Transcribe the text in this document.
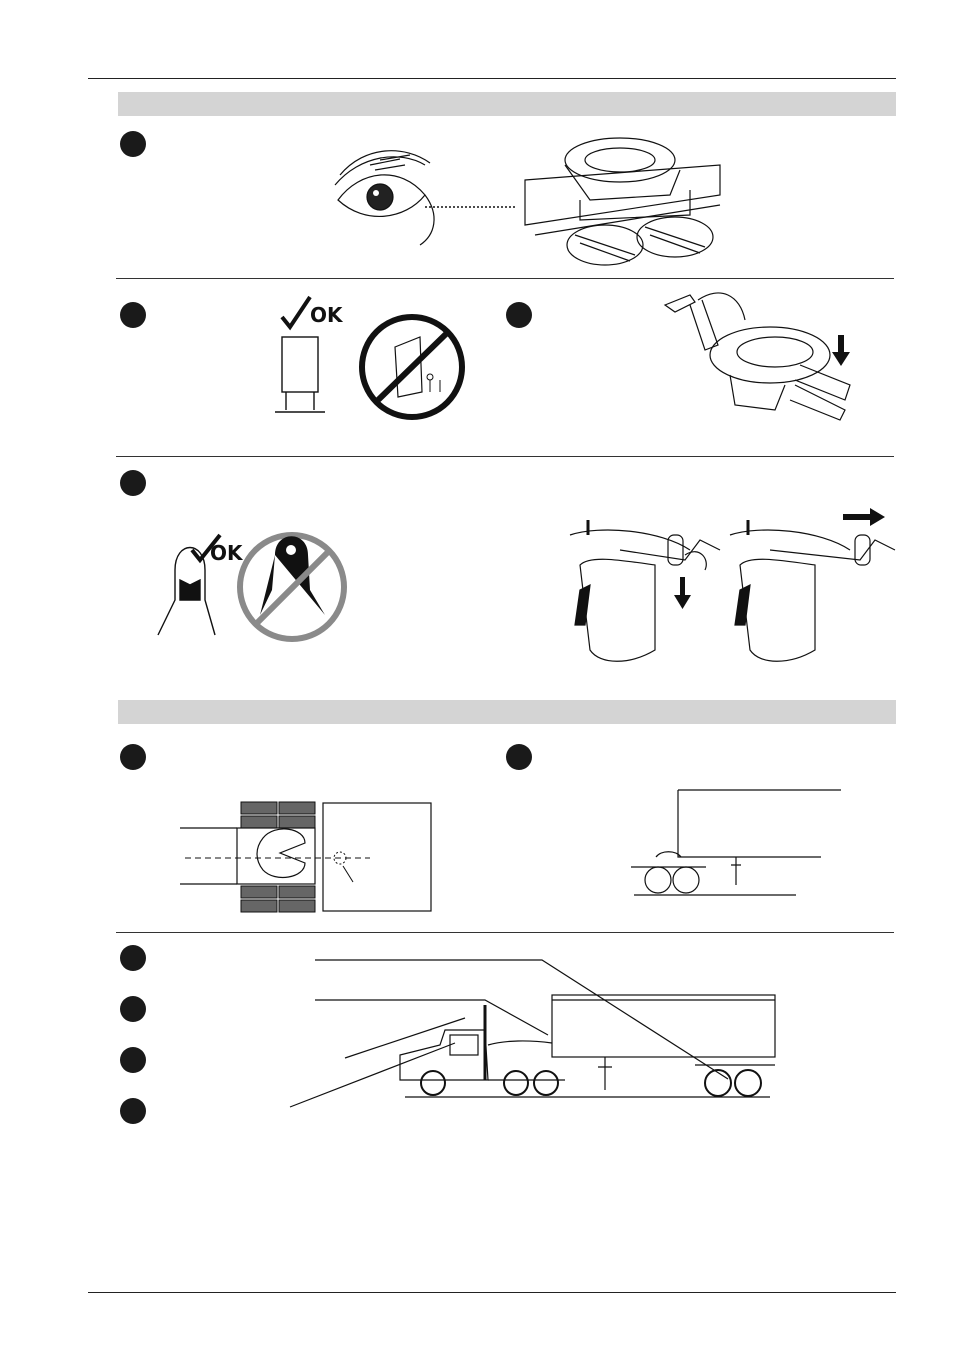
OK
OK
